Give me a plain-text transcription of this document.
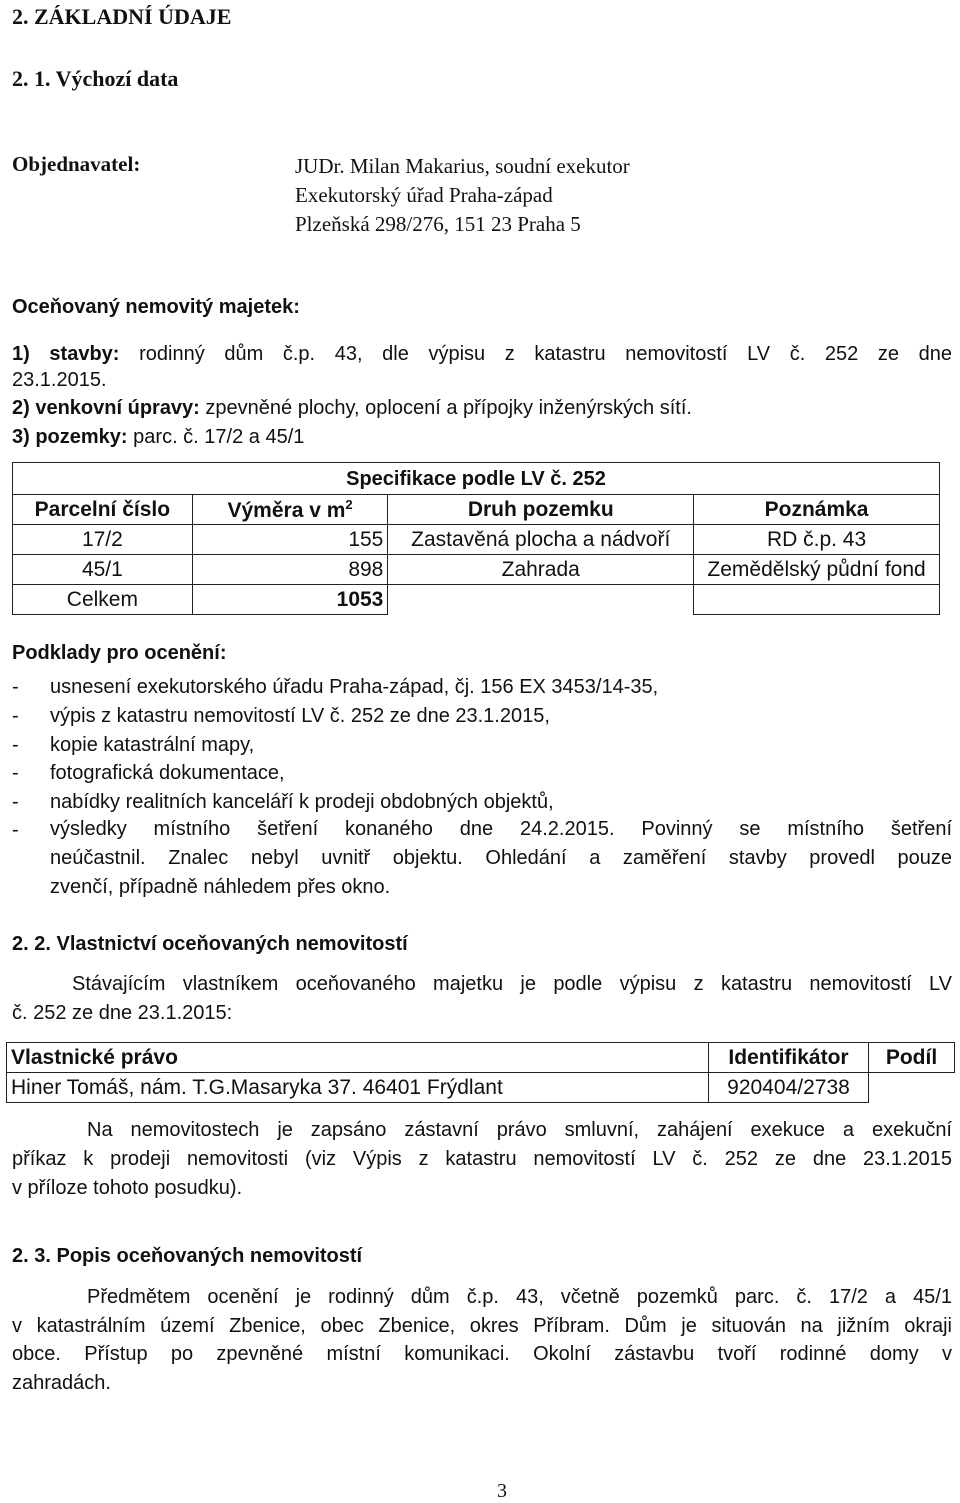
2. ZÁKLADNÍ ÚDAJE
2. 1. Výchozí data
Objednavatel:	JUDr. Milan Makarius, soudní exekutor
Exekutorský úřad Praha-západ
Plzeňská 298/276, 151 23 Praha 5
Oceňovaný nemovitý majetek:
1) stavby: rodinný dům č.p. 43, dle výpisu z katastru nemovitostí LV č. 252 ze dne
23.1.2015.
2) venkovní úpravy: zpevněné plochy, oplocení a přípojky inženýrských sítí.
3) pozemky: parc. č. 17/2 a 45/1
Specifikace podle LV č. 252			
Parcelní číslo	Výměra v $m^2$	Druh pozemku	Poznámka
17/2	155	Zastavěná plocha a nádvoří	RD č.p. 43
45/1	898	Zahrada	Zemědělský půdní fond
Celkem	1053		
Podklady pro ocenění:
- usnesení exekutorského úřadu Praha-západ, čj. 156 EX 3453/14-35,
- výpis z katastru nemovitostí LV č. 252 ze dne 23.1.2015,
- kopie katastrální mapy,
- fotografická dokumentace,
- nabídky realitních kanceláří k prodeji obdobných objektů,
-	výsledky místního šetření konaného dne 24.2.2015. Povinný se místního šetření
neúčastnil. Znalec nebyl uvnitř objektu. Ohledání a zaměření stavby provedl pouze
zvenčí, případně náhledem přes okno.
2. 2. Vlastnictví oceňovaných nemovitostí
Stávajícím vlastníkem oceňovaného majetku je podle výpisu z katastru nemovitostí LV
č. 252 ze dne 23.1.2015:
Vlastnické právo	Identifikátor	Podíl
Hiner Tomáš, nám. T.G.Masaryka 37. 46401 Frýdlant	920404/2738	
Na nemovitostech je zapsáno zástavní právo smluvní, zahájení exekuce a exekuční
příkaz k prodeji nemovitosti (viz Výpis z katastru nemovitostí LV č. 252 ze dne 23.1.2015
v příloze tohoto posudku).
2. 3. Popis oceňovaných nemovitostí
Předmětem ocenění je rodinný dům č.p. 43, včetně pozemků parc. č. 17/2 a 45/1
v katastrálním území Zbenice, obec Zbenice, okres Příbram. Dům je situován na jižním okraji
obce. Přístup po zpevněné místní komunikaci. Okolní zástavbu tvoří rodinné domy v
zahradách.
3
